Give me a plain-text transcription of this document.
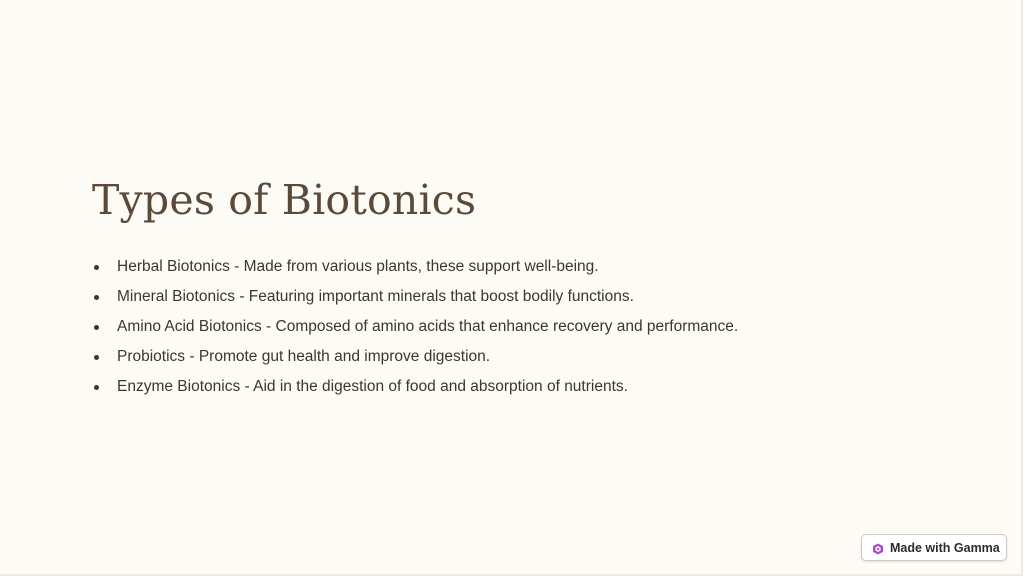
Types of Biotonics
Herbal Biotonics - Made from various plants, these support well-being.
Mineral Biotonics - Featuring important minerals that boost bodily functions.
Amino Acid Biotonics - Composed of amino acids that enhance recovery and performance.
Probiotics - Promote gut health and improve digestion.
Enzyme Biotonics - Aid in the digestion of food and absorption of nutrients.
Made with Gamma
